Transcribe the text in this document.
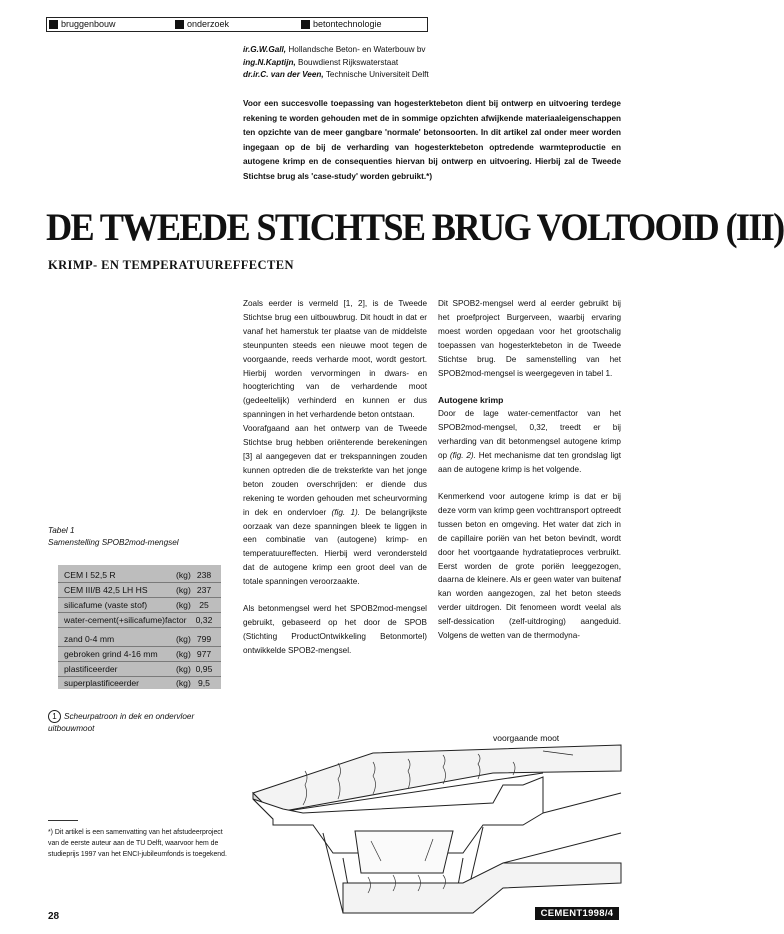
bruggenbouw	onderzoek	betontechnologie
ir.G.W.Gall, Hollandsche Beton- en Waterbouw bv
ing.N.Kaptijn, Bouwdienst Rijkswaterstaat
dr.ir.C. van der Veen, Technische Universiteit Delft
Voor een succesvolle toepassing van hogesterktebeton dient bij ontwerp en uitvoering terdege rekening te worden gehouden met de in sommige opzichten afwijkende materiaaleigenschappen ten opzichte van de meer gangbare 'normale' betonsoorten. In dit artikel zal onder meer worden ingegaan op de bij de verharding van hogesterktebeton optredende warmteproductie en autogene krimp en de consequenties hiervan bij ontwerp en uitvoering. Hierbij zal de Tweede Stichtse brug als 'case-study' worden gebruikt.*)
DE TWEEDE STICHTSE BRUG VOLTOOID (III)
KRIMP- EN TEMPERATUUREFFECTEN

Zoals eerder is vermeld [1, 2], is de Tweede Stichtse brug een uitbouwbrug. Dit houdt in dat er vanaf het hamerstuk ter plaatse van de middelste steunpunten steeds een nieuwe moot tegen de voorgaande, reeds verharde moot, wordt gestort. Hierbij worden vervormingen in dwars- en hoogterichting van de verhardende moot (gedeeltelijk) verhinderd en kunnen er dus spanningen in het verhardende beton ontstaan.

Voorafgaand aan het ontwerp van de Tweede Stichtse brug hebben oriënterende berekeningen [3] al aangegeven dat er trekspanningen zouden kunnen optreden die de treksterkte van het jonge beton zouden overschrijden: er diende dus rekening te worden gehouden met scheurvorming in dek en ondervloer (fig. 1). De belangrijkste oorzaak van deze spanningen bleek te liggen in een combinatie van (autogene) krimp- en temperatuureffecten. Hierbij werd verondersteld dat de autogene krimp een groot deel van de totale spanningen veroorzaakte.

Als betonmengsel werd het SPOB2mod-mengsel gebruikt, gebaseerd op het door de SPOB (Stichting ProductOntwikkeling Betonmortel) ontwikkelde SPOB2-mengsel.

Dit SPOB2-mengsel werd al eerder gebruikt bij het proefproject Burgerveen, waarbij ervaring moest worden opgedaan voor het grootschalig toepassen van hogesterktebeton in de Tweede Stichtse brug. De samenstelling van het SPOB2mod-mengsel is weergegeven in tabel 1.

Autogene krimp

Door de lage water-cementfactor van het SPOB2mod-mengsel, 0,32, treedt er bij verharding van dit betonmengsel autogene krimp op (fig. 2). Het mechanisme dat ten grondslag ligt aan de autogene krimp is het volgende.

Kenmerkend voor autogene krimp is dat er bij deze vorm van krimp geen vochttransport optreedt tussen beton en omgeving. Het water dat zich in de capillaire poriën van het beton bevindt, wordt door het voortgaande hydratatieproces verbruikt. Eerst worden de grote poriën leeggezogen, daarna de kleinere. Als er geen water van buitenaf kan worden aangezogen, zal het beton steeds verder uitdrogen. Dit fenomeen wordt veelal als self-dessication (zelf-uitdroging) aangeduid. Volgens de wetten van de thermodyna-

Tabel 1
Samenstelling SPOB2mod-mengsel
CEM I 52,5 R	(kg) 238
CEM III/B 42,5 LH HS	(kg) 237
silicafume (vaste stof)	(kg) 25
water-cement(+silicafume)factor	0,32
zand 0-4 mm	(kg) 799
gebroken grind 4-16 mm (kg) 977
plastificeerder	(kg) 0,95
superplastificeerder	(kg) 9,5
1 Scheurpatroon in dek en ondervloer uitbouwmoot
voorgaande moot
*) Dit artikel is een samenvatting van het afstudeerproject van de eerste auteur aan de TU Delft, waarvoor hem de studieprijs 1997 van het ENCI-jubileumfonds is toegekend.
28	CEMENT1998/4
